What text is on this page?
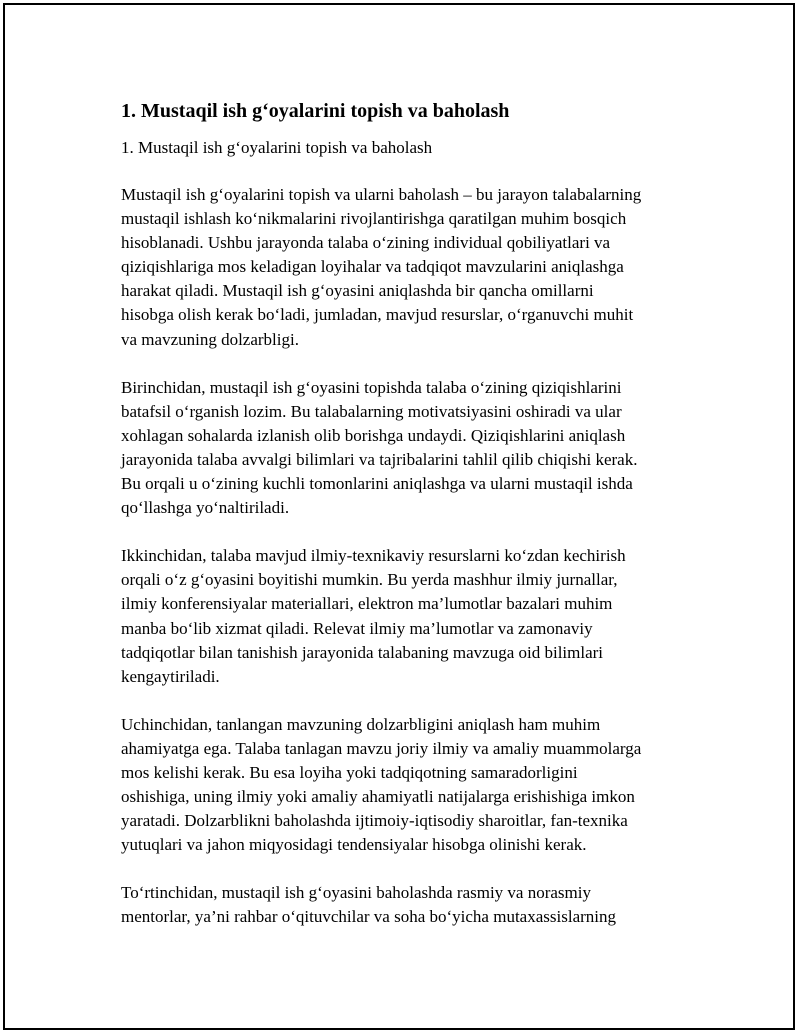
1. Mustaqil ish g‘oyalarini topish va baholash

1. Mustaqil ish g‘oyalarini topish va baholash

Mustaqil ish g‘oyalarini topish va ularni baholash – bu jarayon talabalarning
mustaqil ishlash ko‘nikmalarini rivojlantirishga qaratilgan muhim bosqich
hisoblanadi. Ushbu jarayonda talaba o‘zining individual qobiliyatlari va
qiziqishlariga mos keladigan loyihalar va tadqiqot mavzularini aniqlashga
harakat qiladi. Mustaqil ish g‘oyasini aniqlashda bir qancha omillarni
hisobga olish kerak bo‘ladi, jumladan, mavjud resurslar, o‘rganuvchi muhit
va mavzuning dolzarbligi.

Birinchidan, mustaqil ish g‘oyasini topishda talaba o‘zining qiziqishlarini
batafsil o‘rganish lozim. Bu talabalarning motivatsiyasini oshiradi va ular
xohlagan sohalarda izlanish olib borishga undaydi. Qiziqishlarini aniqlash
jarayonida talaba avvalgi bilimlari va tajribalarini tahlil qilib chiqishi kerak.
Bu orqali u o‘zining kuchli tomonlarini aniqlashga va ularni mustaqil ishda
qo‘llashga yo‘naltiriladi.

Ikkinchidan, talaba mavjud ilmiy-texnikaviy resurslarni ko‘zdan kechirish
orqali o‘z g‘oyasini boyitishi mumkin. Bu yerda mashhur ilmiy jurnallar,
ilmiy konferensiyalar materiallari, elektron ma’lumotlar bazalari muhim
manba bo‘lib xizmat qiladi. Relevat ilmiy ma’lumotlar va zamonaviy
tadqiqotlar bilan tanishish jarayonida talabaning mavzuga oid bilimlari
kengaytiriladi.

Uchinchidan, tanlangan mavzuning dolzarbligini aniqlash ham muhim
ahamiyatga ega. Talaba tanlagan mavzu joriy ilmiy va amaliy muammolarga
mos kelishi kerak. Bu esa loyiha yoki tadqiqotning samaradorligini
oshishiga, uning ilmiy yoki amaliy ahamiyatli natijalarga erishishiga imkon
yaratadi. Dolzarblikni baholashda ijtimoiy-iqtisodiy sharoitlar, fan-texnika
yutuqlari va jahon miqyosidagi tendensiyalar hisobga olinishi kerak.

To‘rtinchidan, mustaqil ish g‘oyasini baholashda rasmiy va norasmiy
mentorlar, ya’ni rahbar o‘qituvchilar va soha bo‘yicha mutaxassislarning
